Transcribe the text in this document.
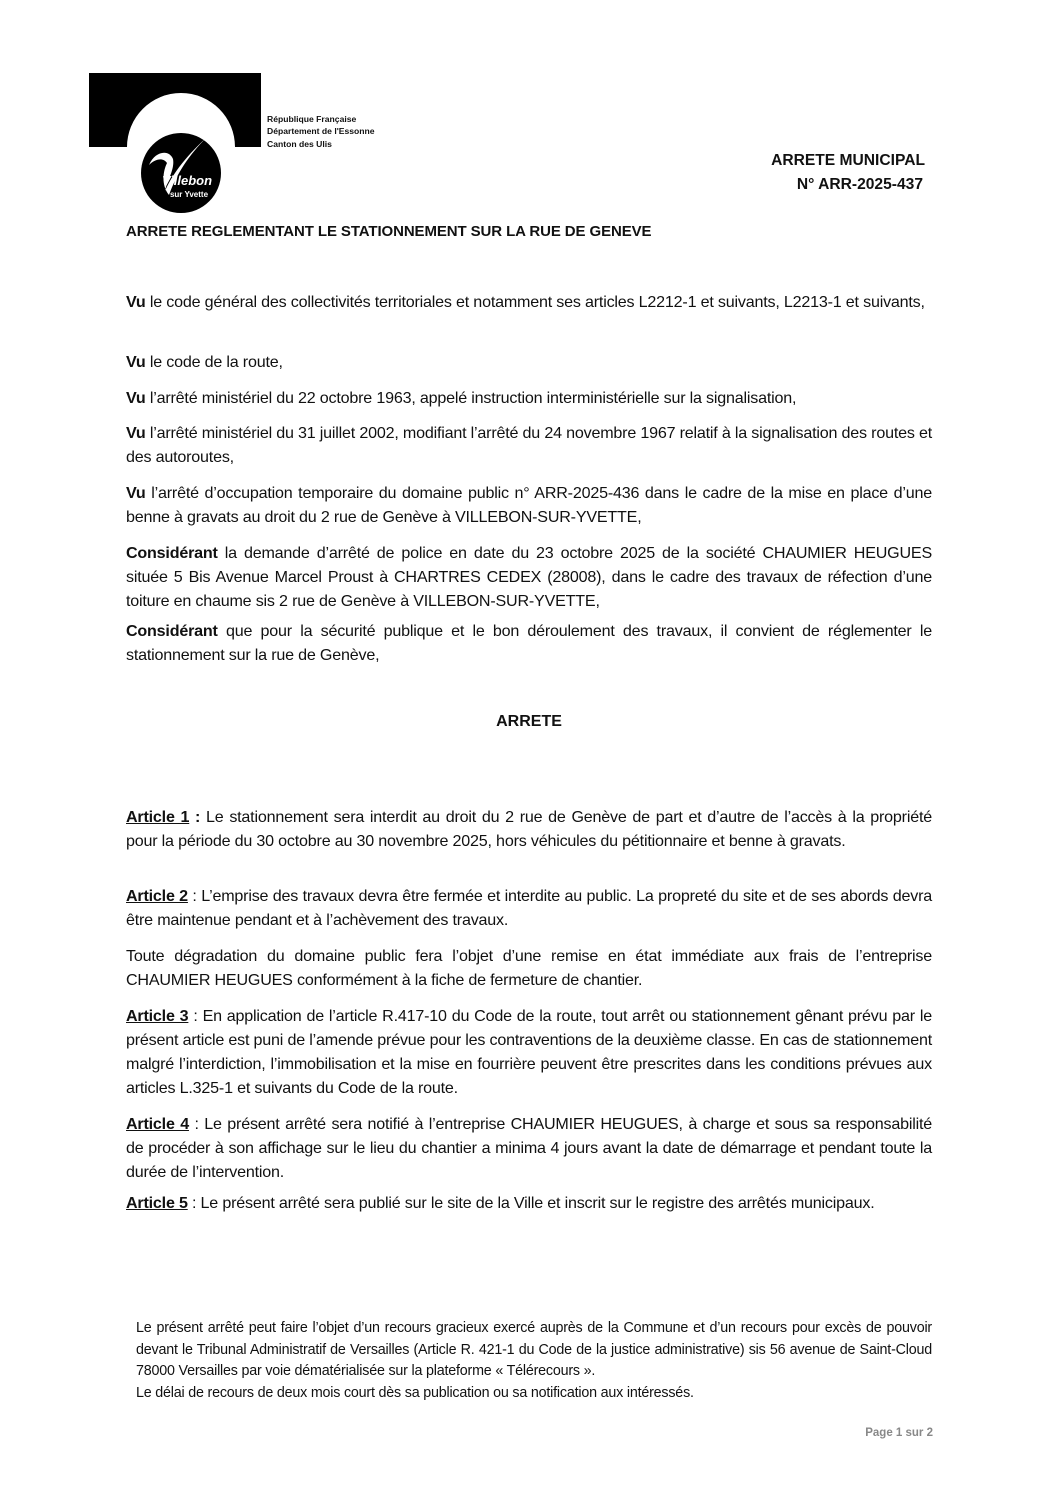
Villebon
sur Yvette
République Française
Département de l'Essonne
Canton des Ulis
ARRETE MUNICIPAL
N° ARR-2025-437
ARRETE REGLEMENTANT LE STATIONNEMENT SUR LA RUE DE GENEVE

Vu le code général des collectivités territoriales et notamment ses articles L2212-1 et suivants, L2213-1 et suivants,

Vu le code de la route,

Vu l’arrêté ministériel du 22 octobre 1963, appelé instruction interministérielle sur la signalisation,

Vu l’arrêté ministériel du 31 juillet 2002, modifiant l’arrêté du 24 novembre 1967 relatif à la signalisation des routes et des autoroutes,

Vu l’arrêté d’occupation temporaire du domaine public n° ARR-2025-436 dans le cadre de la mise en place d’une benne à gravats au droit du 2 rue de Genève à VILLEBON-SUR-YVETTE,

Considérant la demande d’arrêté de police en date du 23 octobre 2025 de la société CHAUMIER HEUGUES située 5 Bis Avenue Marcel Proust à CHARTRES CEDEX (28008), dans le cadre des travaux de réfection d’une toiture en chaume sis 2 rue de Genève à VILLEBON-SUR-YVETTE,

Considérant que pour la sécurité publique et le bon déroulement des travaux, il convient de réglementer le stationnement sur la rue de Genève,

ARRETE

Article 1 : Le stationnement sera interdit au droit du 2 rue de Genève de part et d’autre de l’accès à la propriété pour la période du 30 octobre au 30 novembre 2025, hors véhicules du pétitionnaire et benne à gravats.

Article 2 : L’emprise des travaux devra être fermée et interdite au public. La propreté du site et de ses abords devra être maintenue pendant et à l’achèvement des travaux.

Toute dégradation du domaine public fera l’objet d’une remise en état immédiate aux frais de l’entreprise CHAUMIER HEUGUES conformément à la fiche de fermeture de chantier.

Article 3 : En application de l’article R.417-10 du Code de la route, tout arrêt ou stationnement gênant prévu par le présent article est puni de l’amende prévue pour les contraventions de la deuxième classe. En cas de stationnement malgré l’interdiction, l’immobilisation et la mise en fourrière peuvent être prescrites dans les conditions prévues aux articles L.325-1 et suivants du Code de la route.

Article 4 : Le présent arrêté sera notifié à l’entreprise CHAUMIER HEUGUES, à charge et sous sa responsabilité de procéder à son affichage sur le lieu du chantier a minima 4 jours avant la date de démarrage et pendant toute la durée de l’intervention.

Article 5 : Le présent arrêté sera publié sur le site de la Ville et inscrit sur le registre des arrêtés municipaux.

Le présent arrêté peut faire l’objet d’un recours gracieux exercé auprès de la Commune et d’un recours pour excès de pouvoir devant le Tribunal Administratif de Versailles (Article R. 421-1 du Code de la justice administrative) sis 56 avenue de Saint-Cloud 78000 Versailles par voie dématérialisée sur la plateforme « Télérecours ».

Le délai de recours de deux mois court dès sa publication ou sa notification aux intéressés.

Page 1 sur 2
